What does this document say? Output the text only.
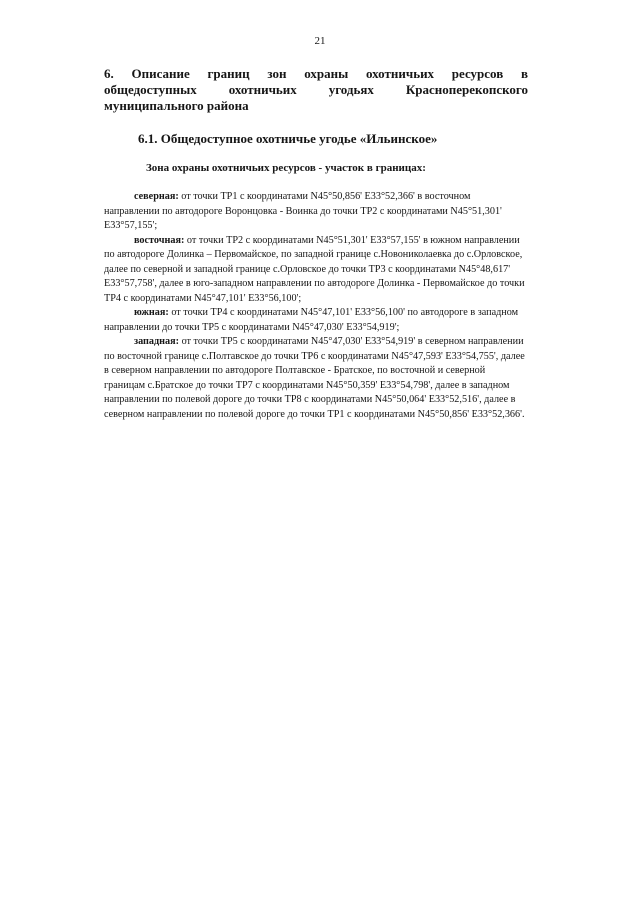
21
6. Описание границ зон охраны охотничьих ресурсов в
общедоступных охотничьих угодьях Красноперекопского
муниципального района
6.1. Общедоступное охотничье угодье «Ильинское»
Зона охраны охотничьих ресурсов - участок в границах:

северная: от точки ТР1 с координатами N45°50,856' E33°52,366' в восточном направлении по автодороге Воронцовка - Воинка до точки ТР2 с координатами N45°51,301' E33°57,155';

восточная: от точки ТР2 с координатами N45°51,301' E33°57,155' в южном направлении по автодороге Долинка – Первомайское, по западной границе с.Новониколаевка до с.Орловское, далее по северной и западной границе с.Орловское до точки ТР3 с координатами N45°48,617' E33°57,758', далее в юго-западном направлении по автодороге Долинка - Первомайское до точки ТР4 с координатами N45°47,101' E33°56,100';

южная: от точки ТР4 с координатами N45°47,101' E33°56,100' по автодороге в западном направлении до точки ТР5 с координатами N45°47,030' E33°54,919';

западная: от точки ТР5 с координатами N45°47,030' E33°54,919' в северном направлении по восточной границе с.Полтавское до точки ТР6 с координатами N45°47,593' E33°54,755', далее в северном направлении по автодороге Полтавское - Братское, по восточной и северной границам с.Братское до точки ТР7 с координатами N45°50,359' E33°54,798', далее в западном направлении по полевой дороге до точки ТР8 с координатами N45°50,064' E33°52,516', далее в северном направлении по полевой дороге до точки ТР1 с координатами N45°50,856' E33°52,366'.
